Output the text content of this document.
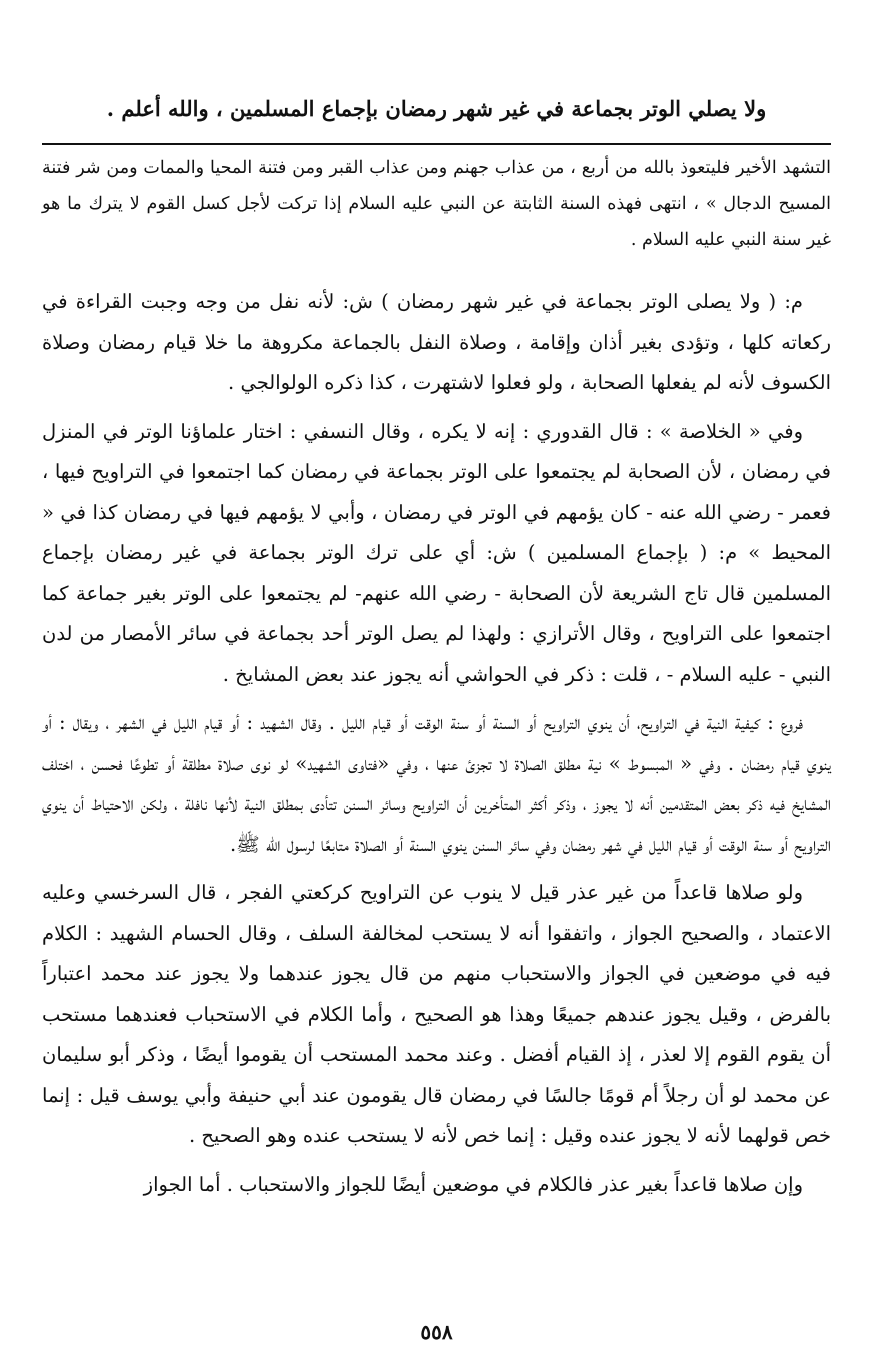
ولا يصلي الوتر بجماعة في غير شهر رمضان بإجماع المسلمين ، والله أعلم .

التشهد الأخير فليتعوذ بالله من أربع ، من عذاب جهنم ومن عذاب القبر ومن فتنة المحيا والممات ومن شر فتنة المسيح الدجال » ، انتهى فهذه السنة الثابتة عن النبي عليه السلام إذا تركت لأجل كسل القوم لا يترك ما هو غير سنة النبي عليه السلام .

م: ( ولا يصلى الوتر بجماعة في غير شهر رمضان ) ش: لأنه نفل من وجه وجبت القراءة في ركعاته كلها ، وتؤدى بغير أذان وإقامة ، وصلاة النفل بالجماعة مكروهة ما خلا قيام رمضان وصلاة الكسوف لأنه لم يفعلها الصحابة ، ولو فعلوا لاشتهرت ، كذا ذكره الولوالجي .

وفي « الخلاصة » : قال القدوري : إنه لا يكره ، وقال النسفي : اختار علماؤنا الوتر في المنزل في رمضان ، لأن الصحابة لم يجتمعوا على الوتر بجماعة في رمضان كما اجتمعوا في التراويح فيها ، فعمر - رضي الله عنه - كان يؤمهم في الوتر في رمضان ، وأبي لا يؤمهم فيها في رمضان كذا في « المحيط » م: ( بإجماع المسلمين ) ش: أي على ترك الوتر بجماعة في غير رمضان بإجماع المسلمين قال تاج الشريعة لأن الصحابة - رضي الله عنهم- لم يجتمعوا على الوتر بغير جماعة كما اجتمعوا على التراويح ، وقال الأترازي : ولهذا لم يصل الوتر أحد بجماعة في سائر الأمصار من لدن النبي - عليه السلام - ، قلت : ذكر في الحواشي أنه يجوز عند بعض المشايخ .

فروع : كيفية النية في التراويح، أن ينوي التراويح أو السنة أو سنة الوقت أو قيام الليل . وقال الشهيد : أو قيام الليل في الشهر ، ويقال : أو ينوي قيام رمضان . وفي « المبسوط » نية مطلق الصلاة لا تجزئ عنها ، وفي «فتاوى الشهيد» لو نوى صلاة مطلقة أو تطوعًا فحسن ، اختلف المشايخ فيه ذكر بعض المتقدمين أنه لا يجوز ، وذكر أكثر المتأخرين أن التراويح وسائر السنن تتأدى بمطلق النية لأنها نافلة ، ولكن الاحتياط أن ينوي التراويح أو سنة الوقت أو قيام الليل في شهر رمضان وفي سائر السنن ينوي السنة أو الصلاة متابعًا لرسول الله ﷺ.

ولو صلاها قاعداً من غير عذر قيل لا ينوب عن التراويح كركعتي الفجر ، قال السرخسي وعليه الاعتماد ، والصحيح الجواز ، واتفقوا أنه لا يستحب لمخالفة السلف ، وقال الحسام الشهيد : الكلام فيه في موضعين في الجواز والاستحباب منهم من قال يجوز عندهما ولا يجوز عند محمد اعتباراً بالفرض ، وقيل يجوز عندهم جميعًا وهذا هو الصحيح ، وأما الكلام في الاستحباب فعندهما مستحب أن يقوم القوم إلا لعذر ، إذ القيام أفضل . وعند محمد المستحب أن يقوموا أيضًا ، وذكر أبو سليمان عن محمد لو أن رجلاً أم قومًا جالسًا في رمضان قال يقومون عند أبي حنيفة وأبي يوسف قيل : إنما خص قولهما لأنه لا يجوز عنده وقيل : إنما خص لأنه لا يستحب عنده وهو الصحيح .

وإن صلاها قاعداً بغير عذر فالكلام في موضعين أيضًا للجواز والاستحباب . أما الجواز

٥٥٨
